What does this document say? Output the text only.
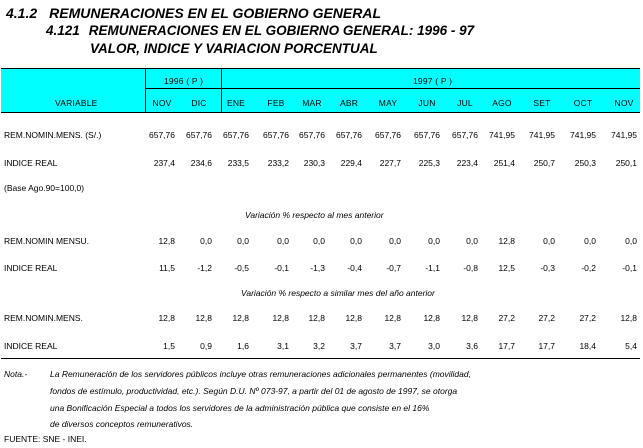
4.1.2 REMUNERACIONES EN EL GOBIERNO GENERAL
4.121 REMUNERACIONES EN EL GOBIERNO GENERAL: 1996 - 97
VALOR, INDICE Y VARIACION PORCENTUAL
VARIABLE
1996 ( P )	1997 ( P )
NOV	DIC	ENE	FEB	MAR	ABR	MAY	JUN	JUL	AGO	SET	OCT	NOV
REM.NOMIN.MENS. (S/.)	657,76	657,76	657,76	657,76	657,76	657,76	657,76	657,76	657,76	741,95	741,95	741,95	741,95
INDICE REAL	237,4	234,6	233,5	233,2	230,3	229,4	227,7	225,3	223,4	251,4	250,7	250,3	250,1
(Base Ago.90=100,0)
Variación % respecto al mes anterior
REM.NOMIN MENSU.	12,8	0,0	0,0	0,0	0,0	0,0	0,0	0,0	0,0	12,8	0,0	0,0	0,0
INDICE REAL	11,5	-1,2	-0,5	-0,1	-1,3	-0,4	-0,7	-1,1	-0,8	12,5	-0,3	-0,2	-0,1
Variación % respecto a similar mes del año anterior
REM.NOMIN.MENS.	12,8	12,8	12,8	12,8	12,8	12,8	12,8	12,8	12,8	27,2	27,2	27,2	12,8
INDICE REAL	1,5	0,9	1,6	3,1	3,2	3,7	3,7	3,0	3,6	17,7	17,7	18,4	5,4
Nota.-	La Remuneración de los servidores públicos incluye otras remuneraciones adicionales permanentes (movilidad,
fondos de estímulo, productividad, etc.). Según D.U. Nº 073-97, a partir del 01 de agosto de 1997, se otorga
una Bonificación Especial a todos los servidores de la administración pública que consiste en el 16%
de diversos conceptos remunerativos.
FUENTE: SNE - INEI.
